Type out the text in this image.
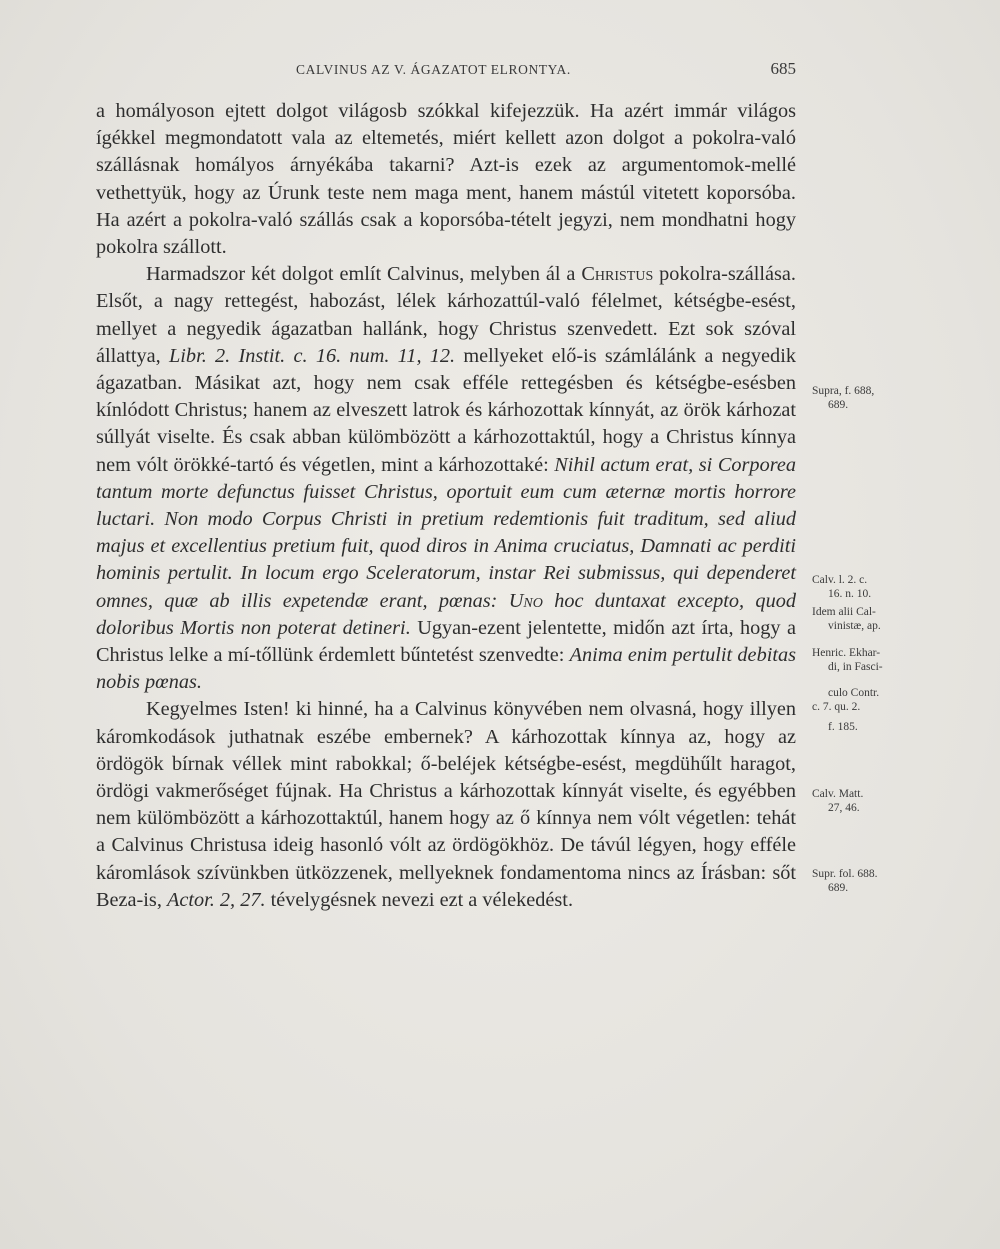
CALVINUS AZ V. ÁGAZATOT ELRONTYA.	685

a homályoson ejtett dolgot világosb szókkal kifejezzük. Ha azért immár világos ígékkel megmondatott vala az eltemetés, miért kellett azon dolgot a pokolra-való szállásnak homályos árnyékába takarni? Azt-is ezek az argumentomok-mellé vethettyük, hogy az Úrunk teste nem maga ment, hanem mástúl vitetett koporsóba. Ha azért a pokolra-való szállás csak a koporsóba-tételt jegyzi, nem mondhatni hogy pokolra szállott.

Harmadszor két dolgot említ Calvinus, melyben ál a Christus pokolra-szállása. Elsőt, a nagy rettegést, habozást, lélek kárhozattúl-való félelmet, kétségbe-esést, mellyet a negyedik ágazatban hallánk, hogy Christus szenvedett. Ezt sok szóval állattya, Libr. 2. Instit. c. 16. num. 11, 12. mellyeket elő-is számlálánk a negyedik ágazatban. Másikat azt, hogy nem csak efféle rettegésben és kétségbe-esésben kínlódott Christus; hanem az elveszett latrok és kárhozottak kínnyát, az örök kárhozat súllyát viselte. És csak abban külömbözött a kárhozottaktúl, hogy a Christus kínnya nem vólt örökké-tartó és végetlen, mint a kárhozottaké: Nihil actum erat, si Corporea tantum morte defunctus fuisset Christus, oportuit eum cum æternæ mortis horrore luctari. Non modo Corpus Christi in pretium redemtionis fuit traditum, sed aliud majus et excellentius pretium fuit, quod diros in Anima cruciatus, Damnati ac perditi hominis pertulit. In locum ergo Sceleratorum, instar Rei submissus, qui dependeret omnes, quæ ab illis expetendæ erant, pœnas: Uno hoc duntaxat excepto, quod doloribus Mortis non poterat detineri. Ugyan-ezent jelentette, midőn azt írta, hogy a Christus lelke a mí-tőllünk érdemlett bűntetést szenvedte: Anima enim pertulit debitas nobis pœnas.

Kegyelmes Isten! ki hinné, ha a Calvinus könyvében nem olvasná, hogy illyen káromkodások juthatnak eszébe embernek? A kárhozottak kínnya az, hogy az ördögök bírnak véllek mint rabokkal; ő-beléjek kétségbe-esést, megdühűlt haragot, ördögi vakmerőséget fújnak. Ha Christus a kárhozottak kínnyát viselte, és egyébben nem külömbözött a kárhozottaktúl, hanem hogy az ő kínnya nem vólt végetlen: tehát a Calvinus Christusa ideig hasonló vólt az ördögökhöz. De távúl légyen, hogy efféle káromlások szívünkben ütközzenek, mellyeknek fondamentoma nincs az Írásban: sőt Beza-is, Actor. 2, 27. tévelygésnek nevezi ezt a vélekedést.

Supra, f. 688,
689.
Calv. l. 2. c.
16. n. 10.
Idem alii Cal-
vinistæ, ap.
Henric. Ekhar-
di, in Fasci-
culo Contr.
c. 7. qu. 2.
f. 185.
Calv. Matt.
27, 46.
Supr. fol. 688.
689.
